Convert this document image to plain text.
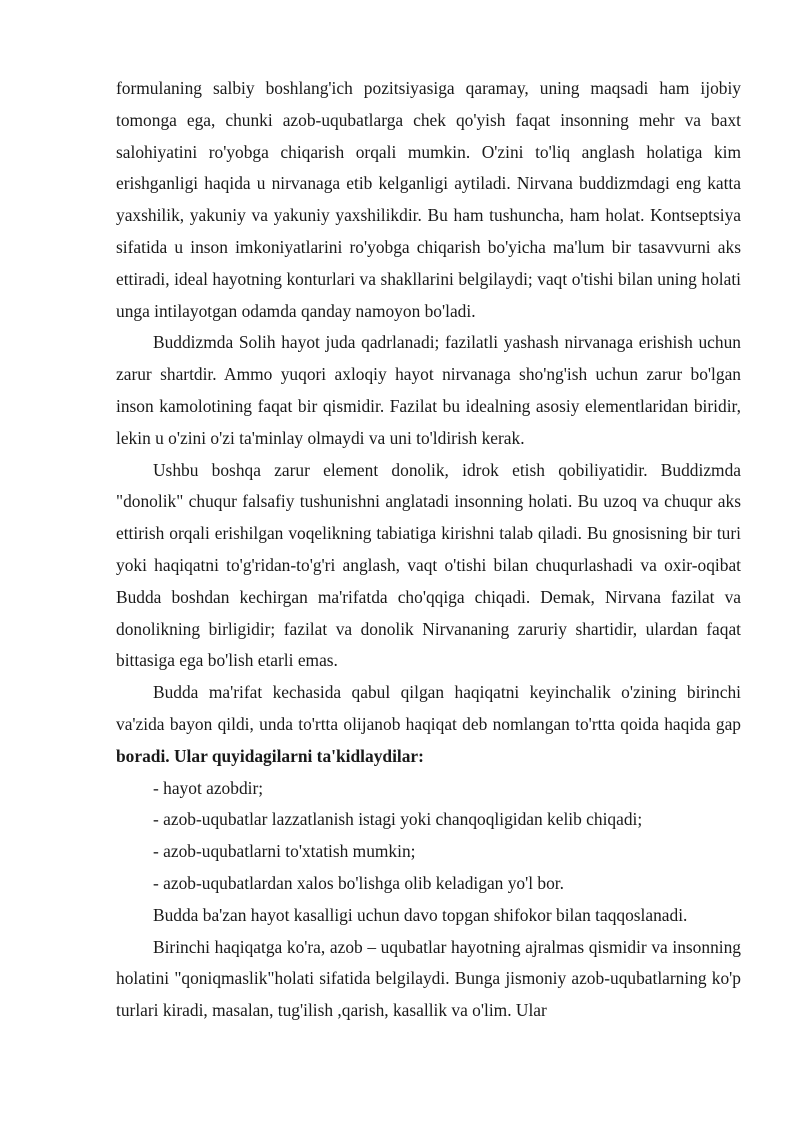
formulaning salbiy boshlang'ich pozitsiyasiga qaramay, uning maqsadi ham ijobiy tomonga ega, chunki azob-uqubatlarga chek qo'yish faqat insonning mehr va baxt salohiyatini ro'yobga chiqarish orqali mumkin. O'zini to'liq anglash holatiga kim erishganligi haqida u nirvanaga etib kelganligi aytiladi. Nirvana buddizmdagi eng katta yaxshilik, yakuniy va yakuniy yaxshilikdir. Bu ham tushuncha, ham holat. Kontseptsiya sifatida u inson imkoniyatlarini ro'yobga chiqarish bo'yicha ma'lum bir tasavvurni aks ettiradi, ideal hayotning konturlari va shakllarini belgilaydi; vaqt o'tishi bilan uning holati unga intilayotgan odamda qanday namoyon bo'ladi.

Buddizmda Solih hayot juda qadrlanadi; fazilatli yashash nirvanaga erishish uchun zarur shartdir. Ammo yuqori axloqiy hayot nirvanaga sho'ng'ish uchun zarur bo'lgan inson kamolotining faqat bir qismidir. Fazilat bu idealning asosiy elementlaridan biridir, lekin u o'zini o'zi ta'minlay olmaydi va uni to'ldirish kerak.

Ushbu boshqa zarur element donolik, idrok etish qobiliyatidir. Buddizmda "donolik" chuqur falsafiy tushunishni anglatadi insonning holati. Bu uzoq va chuqur aks ettirish orqali erishilgan voqelikning tabiatiga kirishni talab qiladi. Bu gnosisning bir turi yoki haqiqatni to'g'ridan-to'g'ri anglash, vaqt o'tishi bilan chuqurlashadi va oxir-oqibat Budda boshdan kechirgan ma'rifatda cho'qqiga chiqadi. Demak, Nirvana fazilat va donolikning birligidir; fazilat va donolik Nirvananing zaruriy shartidir, ulardan faqat bittasiga ega bo'lish etarli emas.

Budda ma'rifat kechasida qabul qilgan haqiqatni keyinchalik o'zining birinchi va'zida bayon qildi, unda to'rtta olijanob haqiqat deb nomlangan to'rtta qoida haqida gap boradi. Ular quyidagilarni ta'kidlaydilar:

- hayot azobdir;

- azob-uqubatlar lazzatlanish istagi yoki chanqoqligidan kelib chiqadi;

- azob-uqubatlarni to'xtatish mumkin;

- azob-uqubatlardan xalos bo'lishga olib keladigan yo'l bor.

Budda ba'zan hayot kasalligi uchun davo topgan shifokor bilan taqqoslanadi.

Birinchi haqiqatga ko'ra, azob – uqubatlar hayotning ajralmas qismidir va insonning holatini "qoniqmaslik"holati sifatida belgilaydi. Bunga jismoniy azob-uqubatlarning ko'p turlari kiradi, masalan, tug'ilish ,qarish, kasallik va o'lim. Ular
